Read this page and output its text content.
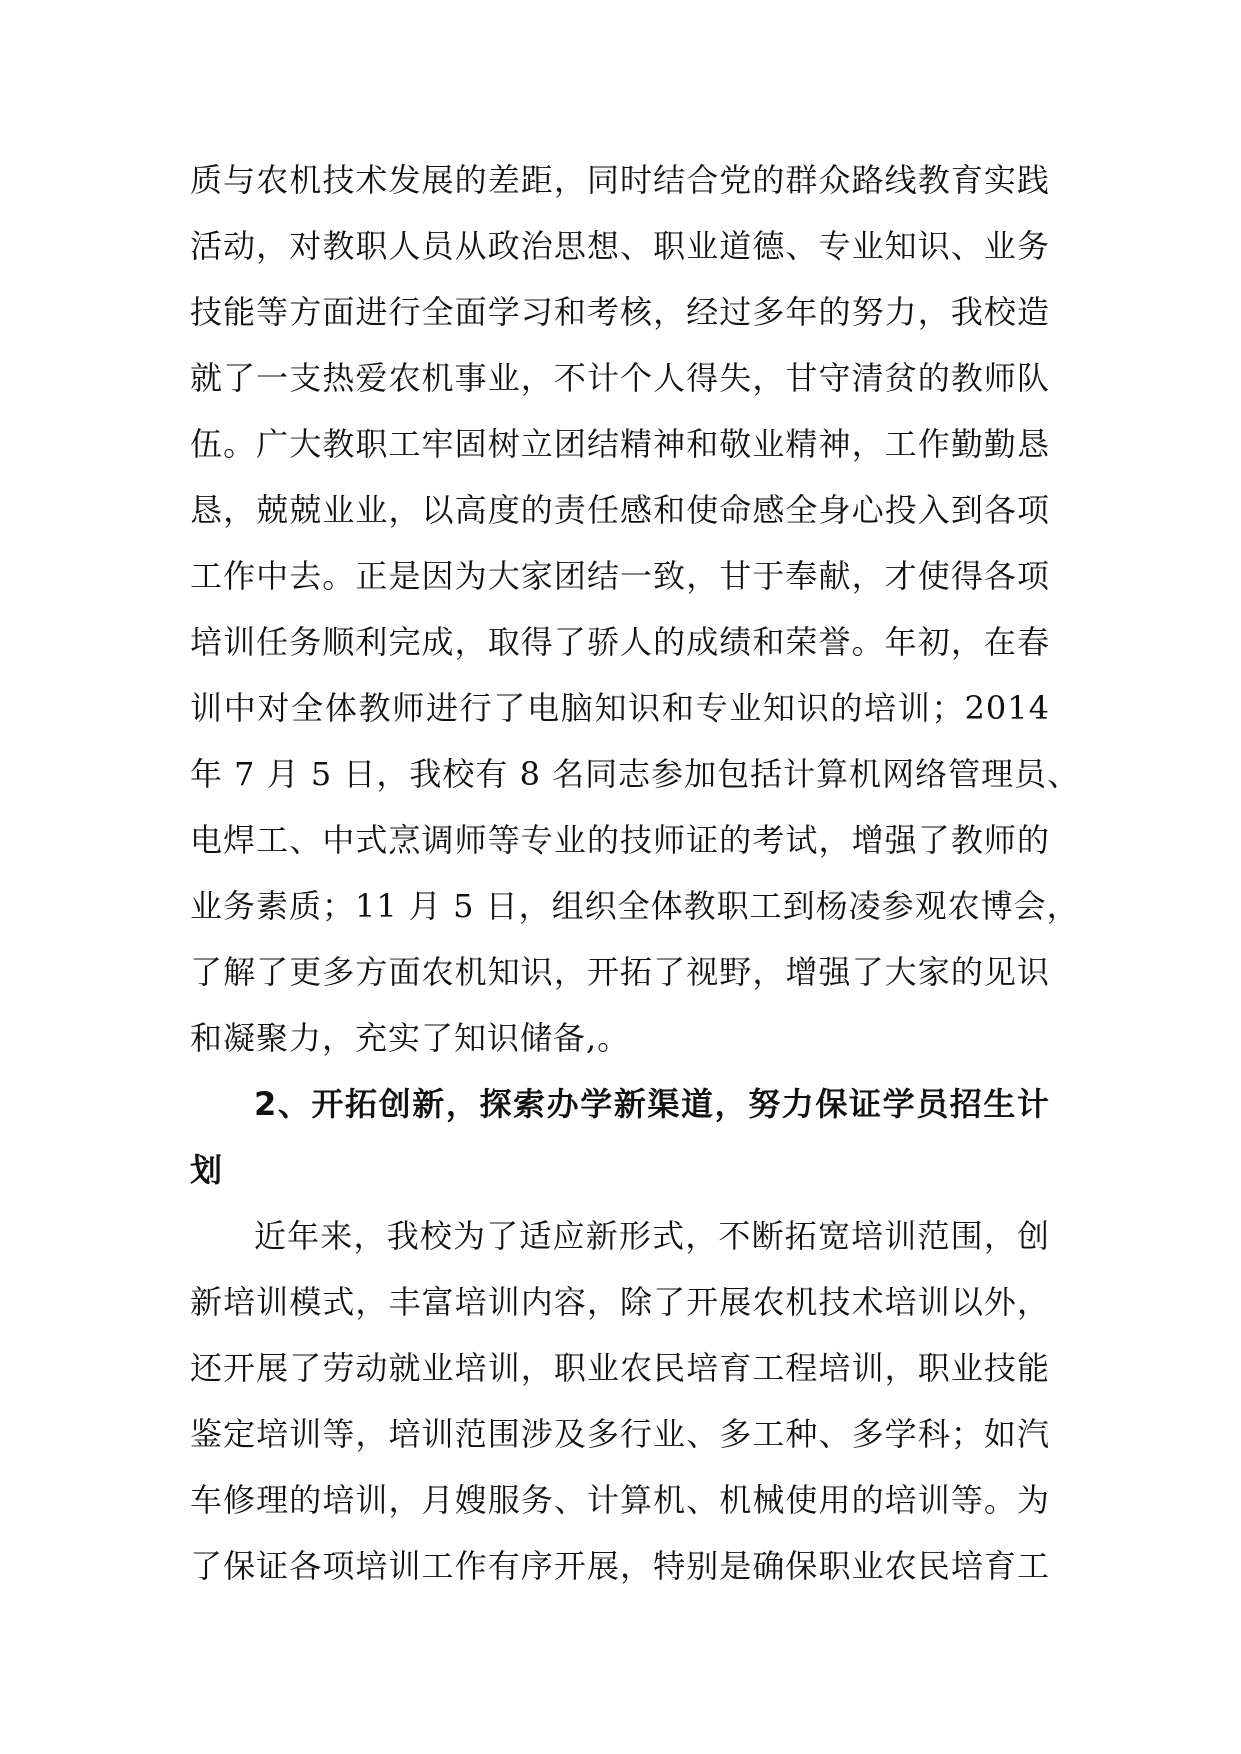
质与农机技术发展的差距，同时结合党的群众路线教育实践
活动，对教职人员从政治思想、职业道德、专业知识、业务
技能等方面进行全面学习和考核，经过多年的努力，我校造
就了一支热爱农机事业，不计个人得失，甘守清贫的教师队
伍。广大教职工牢固树立团结精神和敬业精神，工作勤勤恳
恳，兢兢业业，以高度的责任感和使命感全身心投入到各项
工作中去。正是因为大家团结一致，甘于奉献，才使得各项
培训任务顺利完成，取得了骄人的成绩和荣誉。年初，在春
训中对全体教师进行了电脑知识和专业知识的培训；2014
年 7 月 5 日，我校有 8 名同志参加包括计算机网络管理员、
电焊工、中式烹调师等专业的技师证的考试，增强了教师的
业务素质；11 月 5 日，组织全体教职工到杨凌参观农博会，
了解了更多方面农机知识，开拓了视野，增强了大家的见识
和凝聚力，充实了知识储备,。
2、开拓创新，探索办学新渠道，努力保证学员招生计
划
近年来，我校为了适应新形式，不断拓宽培训范围，创
新培训模式，丰富培训内容，除了开展农机技术培训以外，
还开展了劳动就业培训，职业农民培育工程培训，职业技能
鉴定培训等，培训范围涉及多行业、多工种、多学科；如汽
车修理的培训，月嫂服务、计算机、机械使用的培训等。为
了保证各项培训工作有序开展，特别是确保职业农民培育工
